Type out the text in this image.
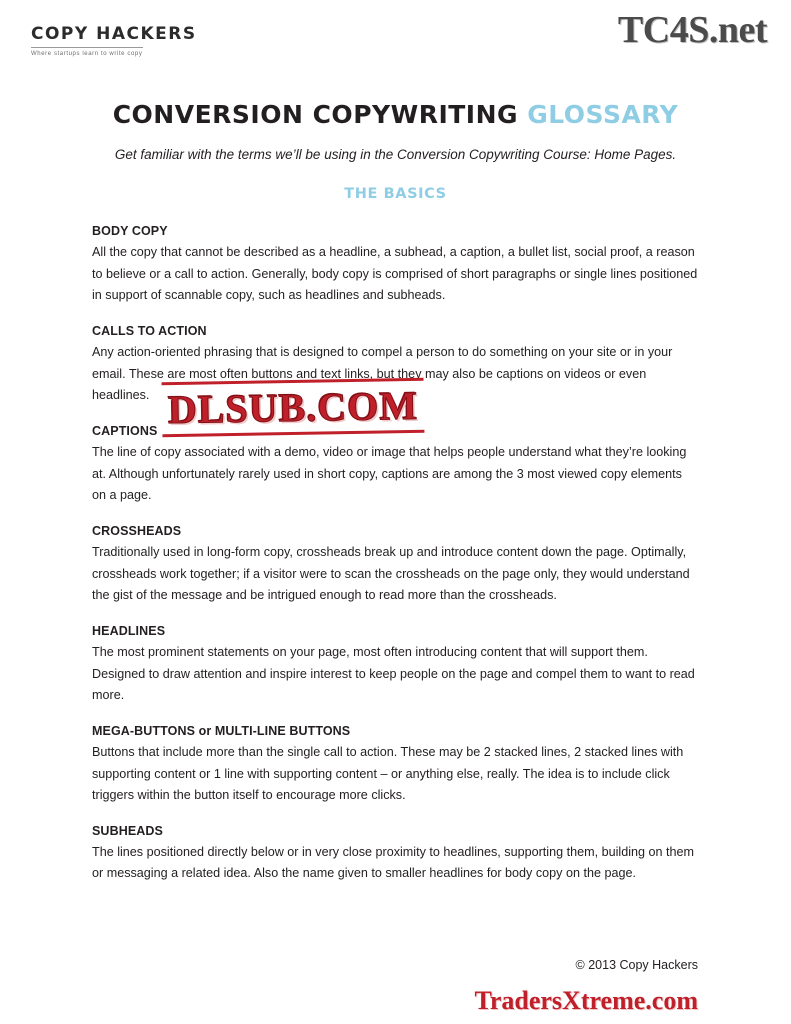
COPY HACKERS
Where startups learn to write copy
TC4S.net
CONVERSION COPYWRITING GLOSSARY
Get familiar with the terms we’ll be using in the Conversion Copywriting Course: Home Pages.
THE BASICS
BODY COPY
All the copy that cannot be described as a headline, a subhead, a caption, a bullet list, social proof, a reason to believe or a call to action. Generally, body copy is comprised of short paragraphs or single lines positioned in support of scannable copy, such as headlines and subheads.
CALLS TO ACTION
Any action-oriented phrasing that is designed to compel a person to do something on your site or in your email. These are most often buttons and text links, but they may also be captions on videos or even headlines.
CAPTIONS
The line of copy associated with a demo, video or image that helps people understand what they’re looking at. Although unfortunately rarely used in short copy, captions are among the 3 most viewed copy elements on a page.
CROSSHEADS
Traditionally used in long-form copy, crossheads break up and introduce content down the page. Optimally, crossheads work together; if a visitor were to scan the crossheads on the page only, they would understand the gist of the message and be intrigued enough to read more than the crossheads.
HEADLINES
The most prominent statements on your page, most often introducing content that will support them. Designed to draw attention and inspire interest to keep people on the page and compel them to want to read more.
MEGA-BUTTONS or MULTI-LINE BUTTONS
Buttons that include more than the single call to action. These may be 2 stacked lines, 2 stacked lines with supporting content or 1 line with supporting content – or anything else, really. The idea is to include click triggers within the button itself to encourage more clicks.
SUBHEADS
The lines positioned directly below or in very close proximity to headlines, supporting them, building on them or messaging a related idea. Also the name given to smaller headlines for body copy on the page.
DLSUB.COM
© 2013 Copy Hackers
TradersXtreme.com
